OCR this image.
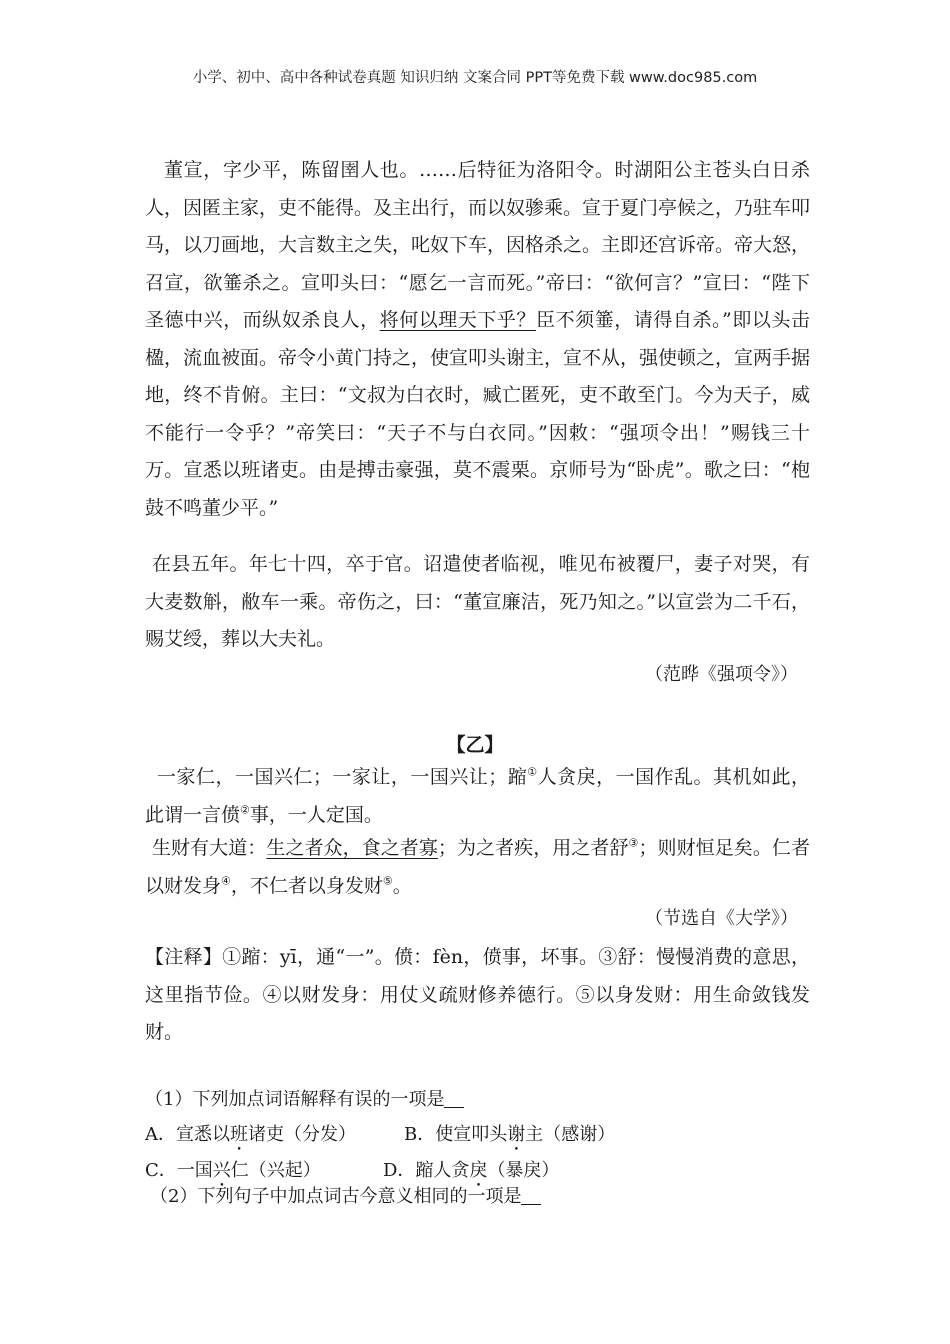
小学、初中、高中各种试卷真题 知识归纳 文案合同 PPT等免费下载 www.doc985.com

董宣，字少平，陈留圉人也。……后特征为洛阳令。时湖阳公主苍头白日杀人，因匿主家，吏不能得。及主出行，而以奴骖乘。宣于夏门亭候之，乃驻车叩马，以刀画地，大言数主之失，叱奴下车，因格杀之。主即还宫诉帝。帝大怒，召宣，欲箠杀之。宣叩头曰：“愿乞一言而死。”帝曰：“欲何言？”宣曰：“陛下圣德中兴，而纵奴杀良人，将何以理天下乎？臣不须箠，请得自杀。”即以头击楹，流血被面。帝令小黄门持之，使宣叩头谢主，宣不从，强使顿之，宣两手据地，终不肯俯。主曰：“文叔为白衣时，臧亡匿死，吏不敢至门。今为天子，威不能行一令乎？”帝笑曰：“天子不与白衣同。”因敕：“强项令出！”赐钱三十万。宣悉以班诸吏。由是搏击豪强，莫不震栗。京师号为“卧虎”。歌之曰：“枹鼓不鸣董少平。”

在县五年。年七十四，卒于官。诏遣使者临视，唯见布被覆尸，妻子对哭，有大麦数斛，敝车一乘。帝伤之，曰：“董宣廉洁，死乃知之。”以宣尝为二千石，赐艾绶，葬以大夫礼。

（范晔《强项令》）
【乙】

一家仁，一国兴仁；一家让，一国兴让；蹜①人贪戾，一国作乱。其机如此，此谓一言偾②事，一人定国。

生财有大道：生之者众，食之者寡；为之者疾，用之者舒③；则财恒足矣。仁者以财发身④，不仁者以身发财⑤。

（节选自《大学》）

【注释】①蹜：yī，通“一”。偾：fèn，偾事，坏事。③舒：慢慢消费的意思，这里指节俭。④以财发身：用仗义疏财修养德行。⑤以身发财：用生命敛钱发财。

（1）下列加点词语解释有误的一项是
A．宣悉以班诸吏（分发）	B．使宣叩头谢主（感谢）
C．一国兴仁（兴起）	D．蹜人贪戾（暴戾）
（2）下列句子中加点词古今意义相同的一项是
